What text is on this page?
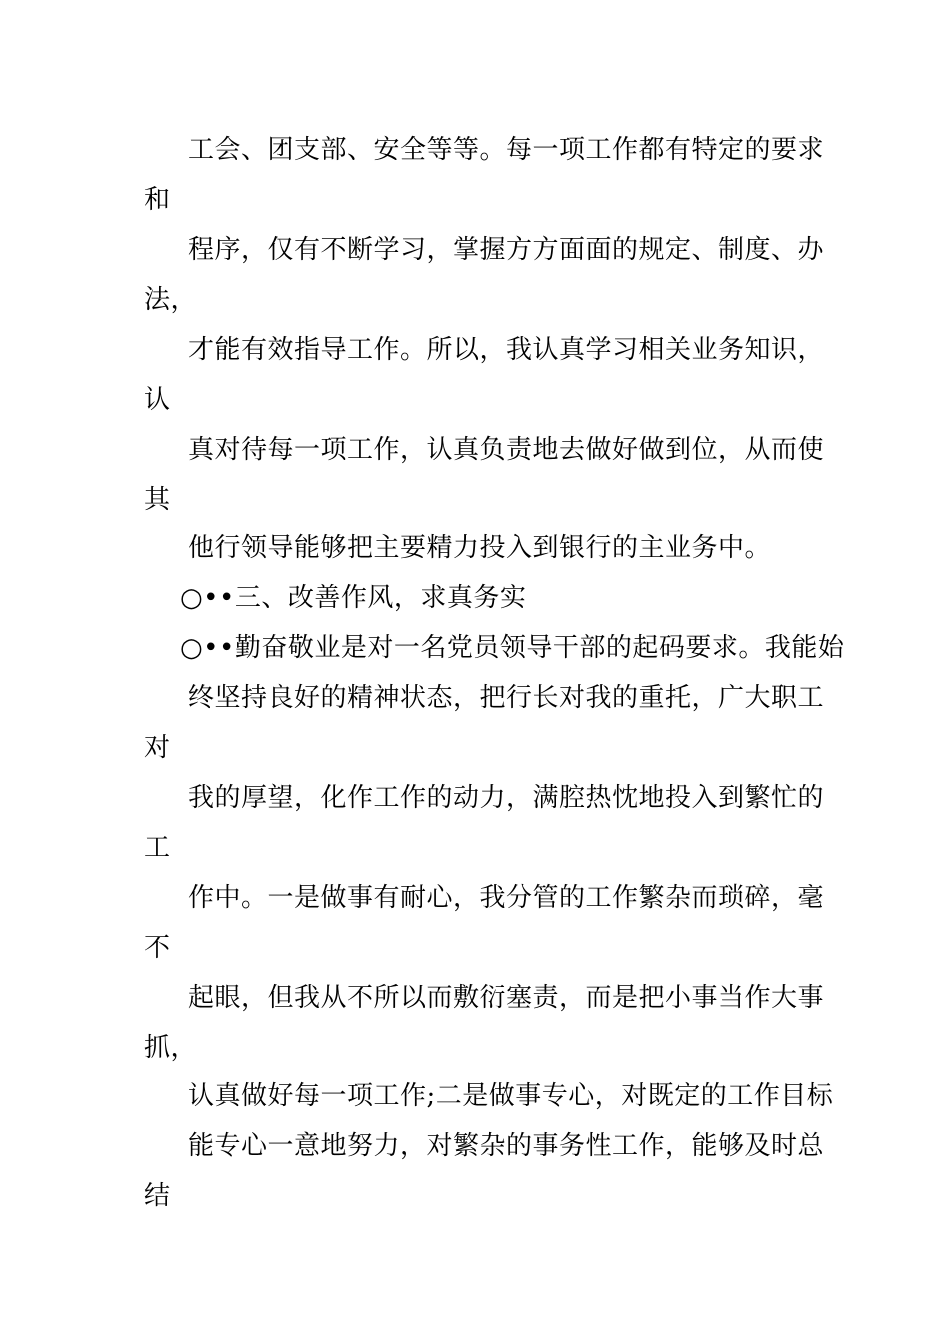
工会、团支部、安全等等。每一项工作都有特定的要求
和
程序，仅有不断学习，掌握方方面面的规定、制度、办
法，
才能有效指导工作。所以，我认真学习相关业务知识，
认
真对待每一项工作，认真负责地去做好做到位，从而使
其
他行领导能够把主要精力投入到银行的主业务中。
○••三、改善作风，求真务实
○••勤奋敬业是对一名党员领导干部的起码要求。我能始
终坚持良好的精神状态，把行长对我的重托，广大职工
对
我的厚望，化作工作的动力，满腔热忱地投入到繁忙的
工
作中。一是做事有耐心，我分管的工作繁杂而琐碎，毫
不
起眼，但我从不所以而敷衍塞责，而是把小事当作大事
抓，
认真做好每一项工作;二是做事专心，对既定的工作目标
能专心一意地努力，对繁杂的事务性工作，能够及时总
结
